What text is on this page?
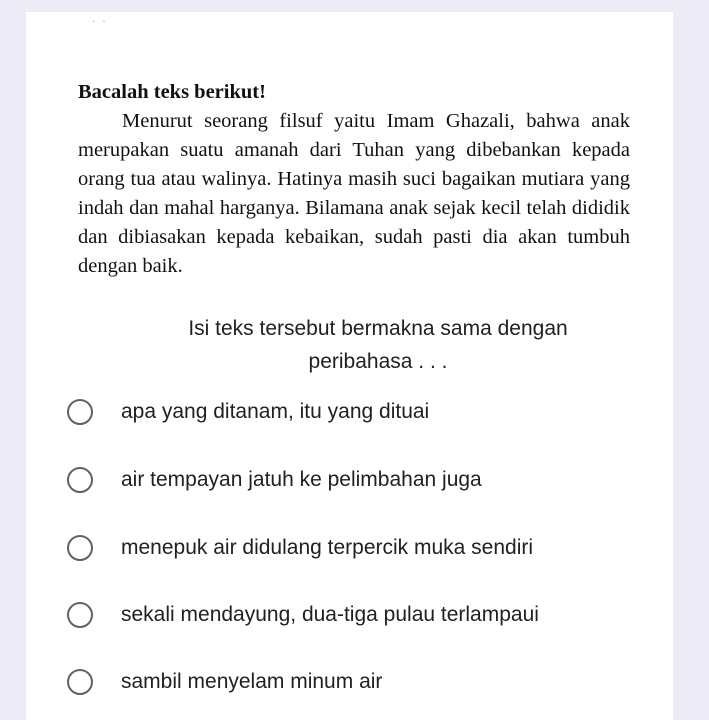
. .
Bacalah teks berikut!
Menurut seorang filsuf yaitu Imam Ghazali, bahwa anak merupakan suatu amanah dari Tuhan yang dibebankan kepada orang tua atau walinya. Hatinya masih suci bagaikan mutiara yang indah dan mahal harganya. Bilamana anak sejak kecil telah dididik dan dibiasakan kepada kebaikan, sudah pasti dia akan tumbuh dengan baik.
Isi teks tersebut bermakna sama dengan
peribahasa . . .
apa yang ditanam, itu yang dituai
air tempayan jatuh ke pelimbahan juga
menepuk air didulang terpercik muka sendiri
sekali mendayung, dua-tiga pulau terlampaui
sambil menyelam minum air
